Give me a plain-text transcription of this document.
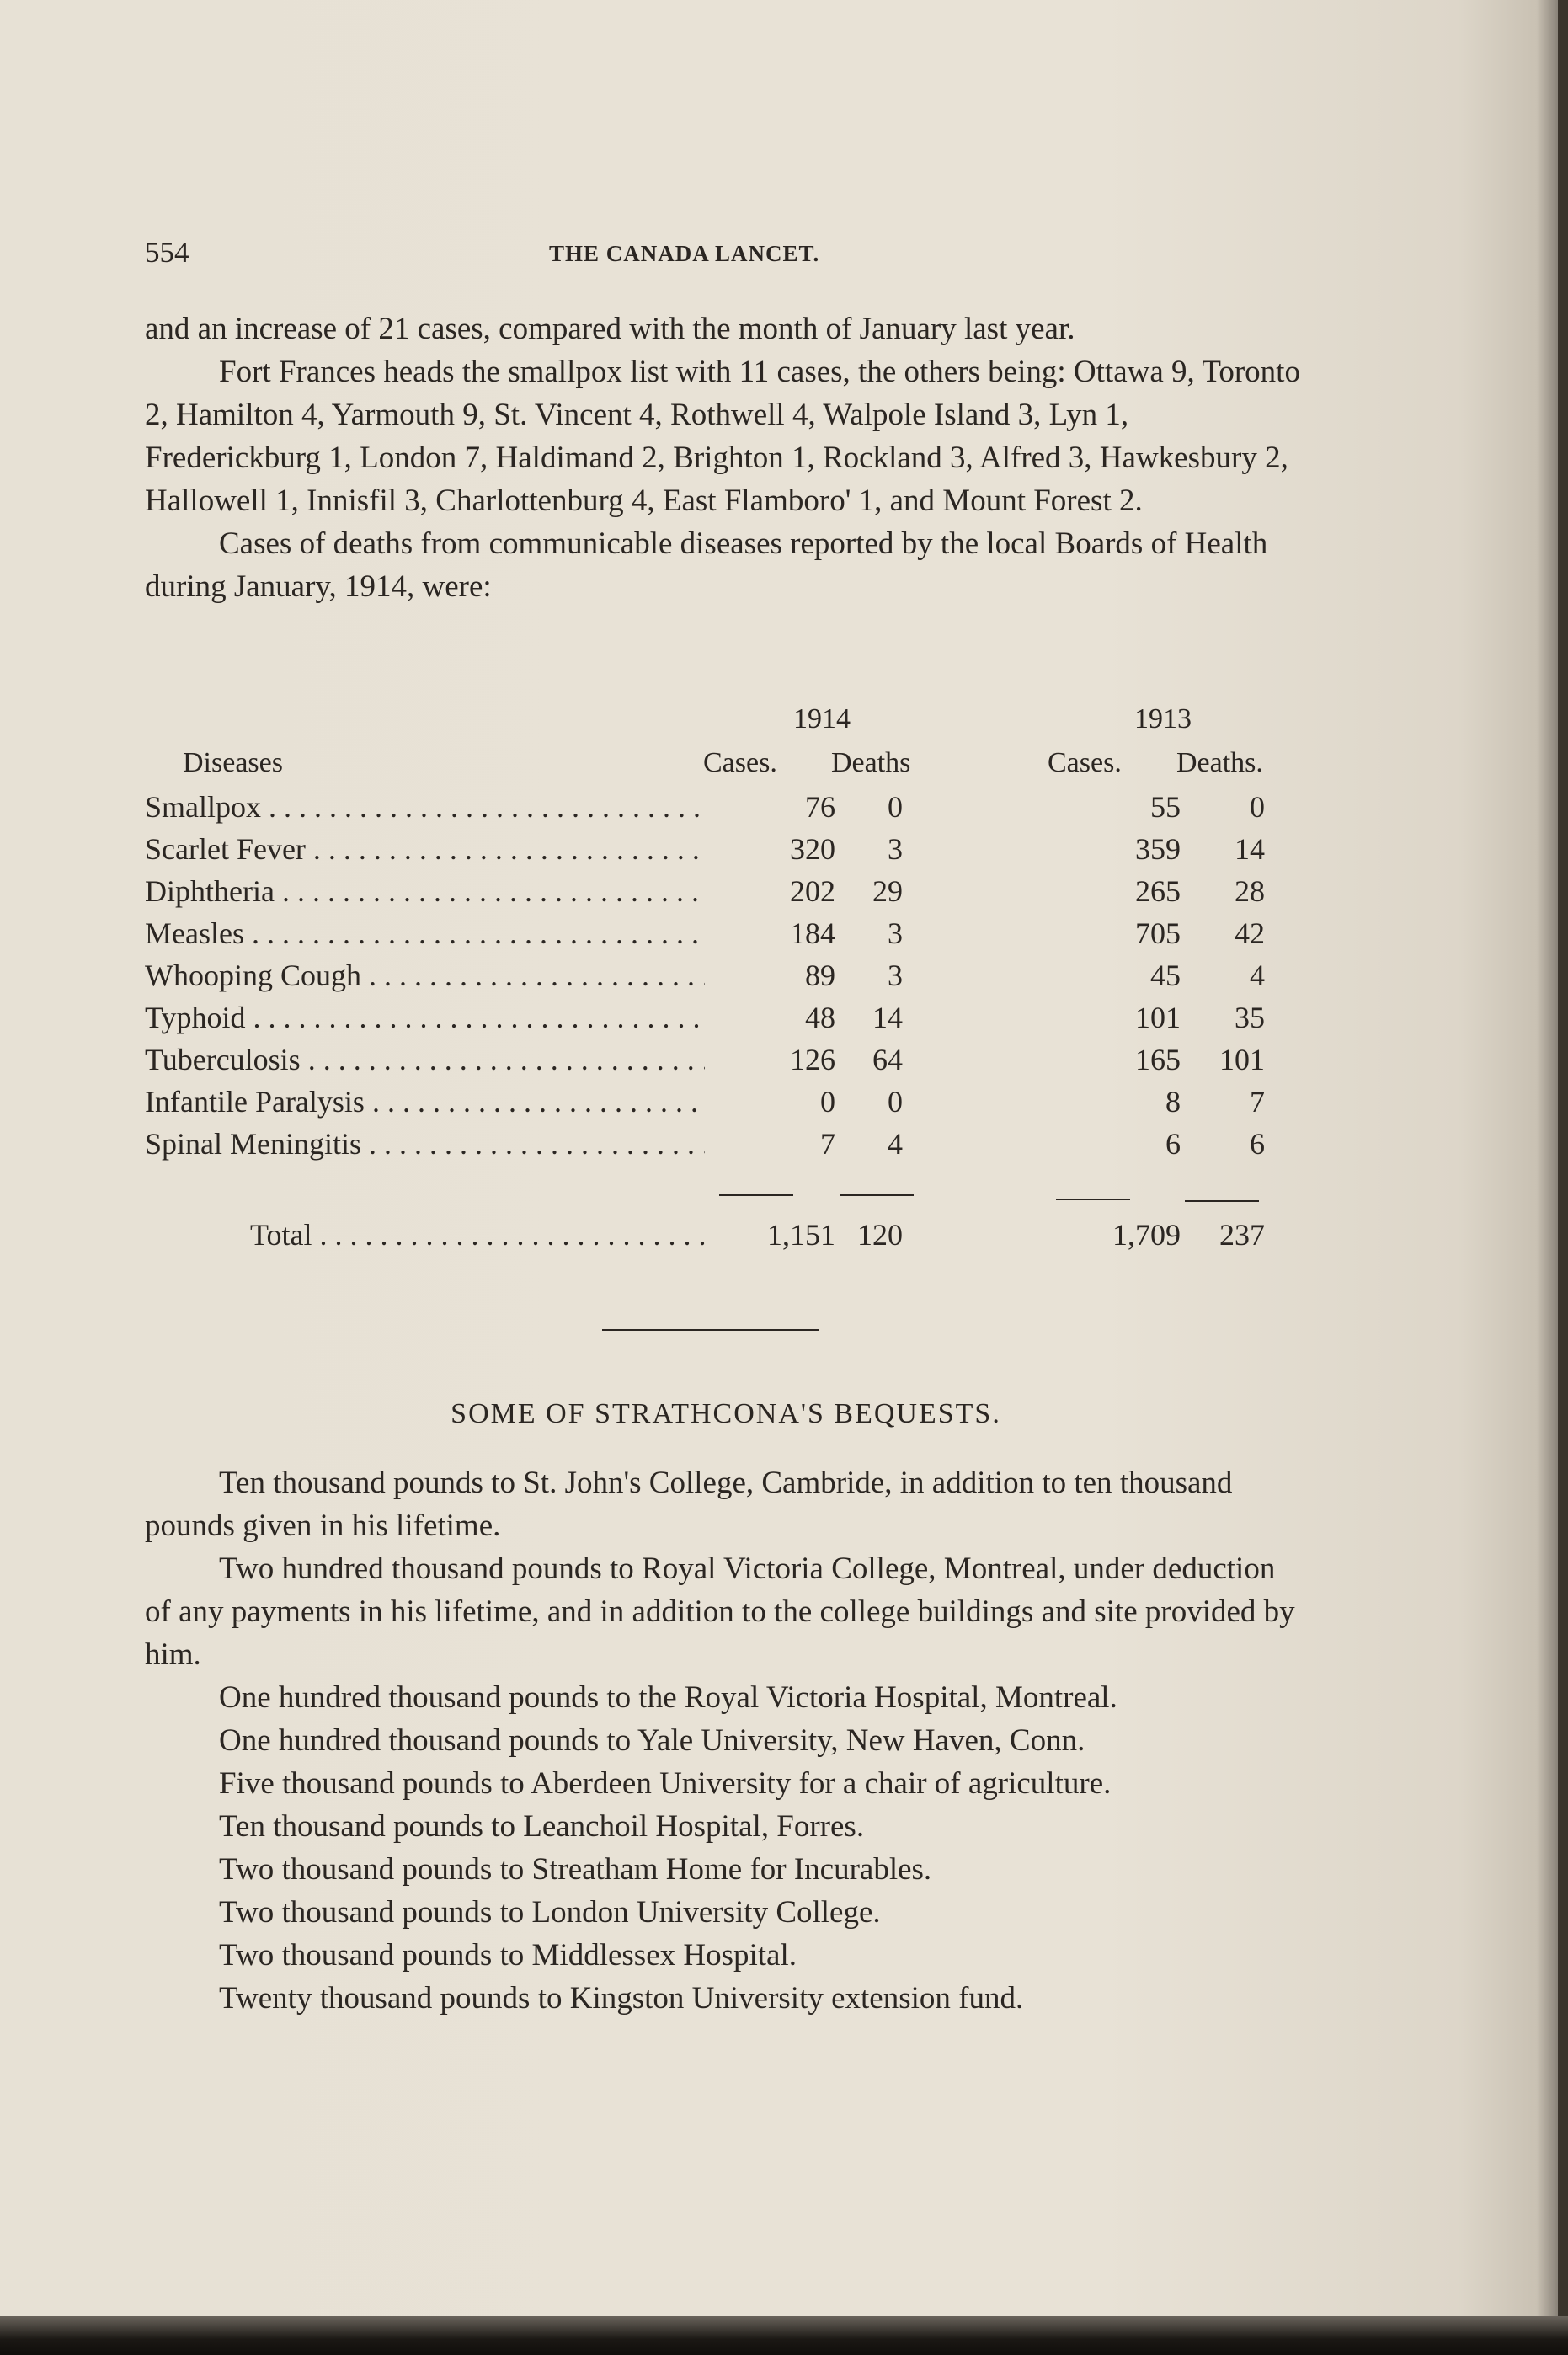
554	THE CANADA LANCET.

and an increase of 21 cases, compared with the month of January last year.

Fort Frances heads the smallpox list with 11 cases, the others being: Ottawa 9, Toronto 2, Hamilton 4, Yarmouth 9, St. Vincent 4, Rothwell 4, Walpole Island 3, Lyn 1, Frederickburg 1, London 7, Haldimand 2, Brighton 1, Rockland 3, Alfred 3, Hawkesbury 2, Hallowell 1, Innisfil 3, Charlottenburg 4, East Flamboro' 1, and Mount Forest 2.

Cases of deaths from communicable diseases reported by the local Boards of Health during January, 1914, were:

1914	1913
Diseases	Cases. Deaths	Cases. Deaths.
Smallpox . . .	76	0	55	0
Scarlet Fever . . .	320	3	359	14
Diphtheria . . .	202	29	265	28
Measles . . .	184	3	705	42
Whooping Cough . . .	89	3	45	4
Typhoid . . .	48	14	101	35
Tuberculosis . . .	126	64	165	101
Infantile Paralysis . . .	0	0	8	7
Spinal Meningitis . . .	7	4	6	6
Total . . .	1,151 120	1,709	237
SOME OF STRATHCONA'S BEQUESTS.

Ten thousand pounds to St. John's College, Cambride, in addition to ten thousand pounds given in his lifetime.

Two hundred thousand pounds to Royal Victoria College, Montreal, under deduction of any payments in his lifetime, and in addition to the college buildings and site provided by him.

One hundred thousand pounds to the Royal Victoria Hospital, Montreal.

One hundred thousand pounds to Yale University, New Haven, Conn.

Five thousand pounds to Aberdeen University for a chair of agriculture.

Ten thousand pounds to Leanchoil Hospital, Forres.

Two thousand pounds to Streatham Home for Incurables.

Two thousand pounds to London University College.

Two thousand pounds to Middlessex Hospital.

Twenty thousand pounds to Kingston University extension fund.
